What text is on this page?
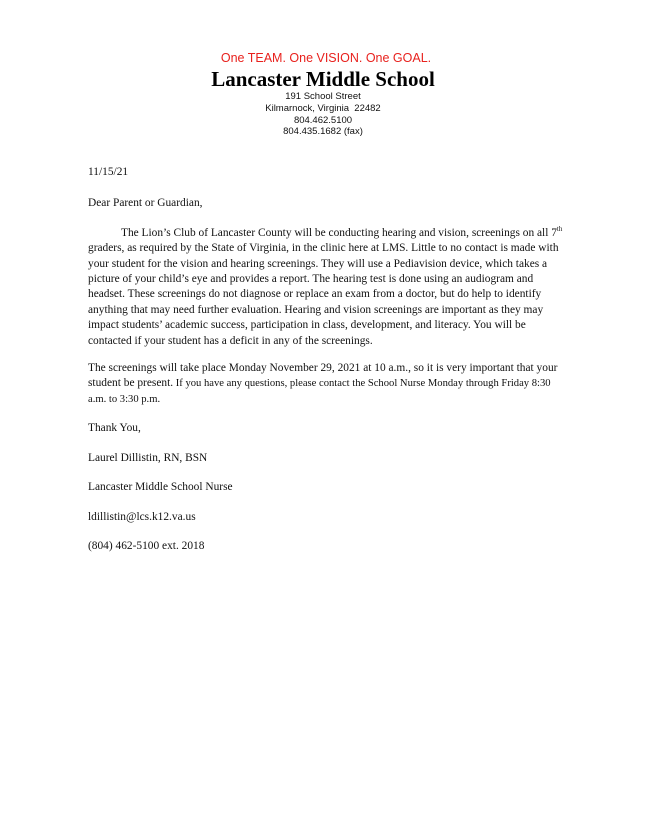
One TEAM. One VISION. One GOAL.
Lancaster Middle School
191 School Street
Kilmarnock, Virginia  22482
804.462.5100
804.435.1682 (fax)
11/15/21
Dear Parent or Guardian,
The Lion’s Club of Lancaster County will be conducting hearing and vision, screenings on all 7th graders, as required by the State of Virginia, in the clinic here at LMS. Little to no contact is made with your student for the vision and hearing screenings. They will use a Pediavision device, which takes a picture of your child’s eye and provides a report. The hearing test is done using an audiogram and headset. These screenings do not diagnose or replace an exam from a doctor, but do help to identify anything that may need further evaluation. Hearing and vision screenings are important as they may impact students’ academic success, participation in class, development, and literacy. You will be contacted if your student has a deficit in any of the screenings.
The screenings will take place Monday November 29, 2021 at 10 a.m., so it is very important that your student be present. If you have any questions, please contact the School Nurse Monday through Friday 8:30 a.m. to 3:30 p.m.
Thank You,
Laurel Dillistin, RN, BSN
Lancaster Middle School Nurse
ldillistin@lcs.k12.va.us
(804) 462-5100 ext. 2018
